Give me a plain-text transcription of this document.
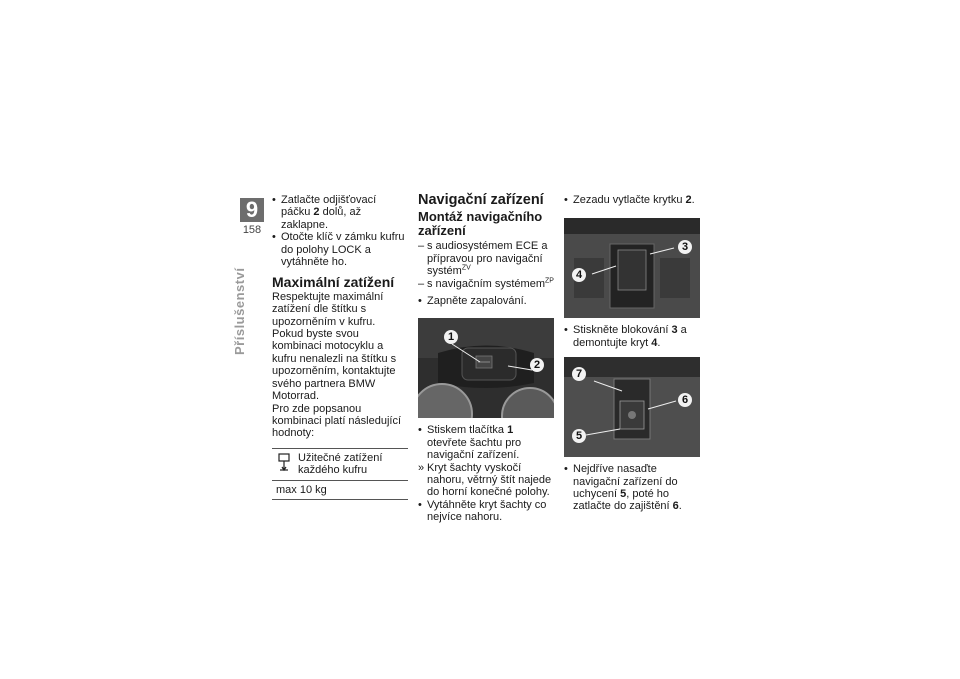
9
158
Příslušenství
• Zatlačte odjišťovací páčku 2 dolů, až zaklapne.
• Otočte klíč v zámku kufru do polohy LOCK a vytáhněte ho.
Maximální zatížení
Respektujte maximální zatížení dle štítku s upozorněním v kufru.
Pokud byste svou kombinaci motocyklu a kufru nenalezli na štítku s upozorněním, kontaktujte svého partnera BMW Motorrad.
Pro zde popsanou kombinaci platí následující hodnoty:
Užitečné zatížení každého kufru
max 10 kg
Navigační zařízení
Montáž navigačního zařízení
– s audiosystémem ECE a přípravou pro navigační systém$^{ZV}$
– s navigačním systémem$^{ZP}$
• Zapněte zapalování.
1
2
• Stiskem tlačítka 1 otevřete šachtu pro navigační zařízení.
» Kryt šachty vyskočí nahoru, větrný štít najede do horní konečné polohy.
• Vytáhněte kryt šachty co nejvíce nahoru.
• Zezadu vytlačte krytku 2.
3
4
• Stiskněte blokování 3 a demontujte kryt 4.
7
6
5
• Nejdříve nasaďte navigační zařízení do uchycení 5, poté ho zatlačte do zajištění 6.
